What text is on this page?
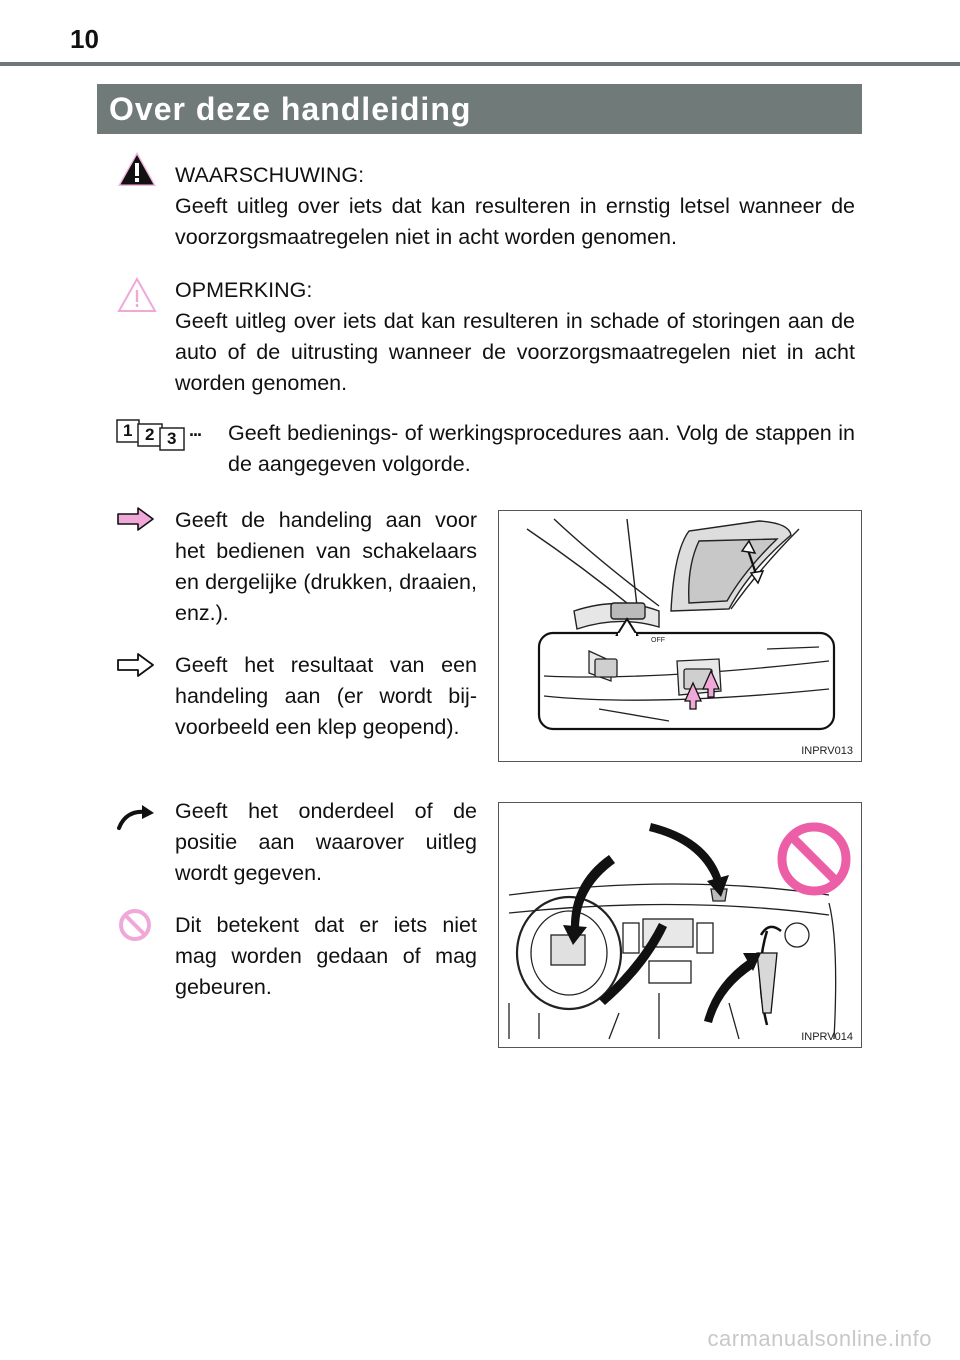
10
Over deze handleiding
WAARSCHUWING:
Geeft uitleg over iets dat kan resulteren in ernstig letsel wanneer de voorzorgsmaatregelen niet in acht worden genomen.
OPMERKING:
Geeft uitleg over iets dat kan resulteren in schade of storingen aan de auto of de uitrusting wanneer de voorzorgsmaatregelen niet in acht worden genomen.
1 2 3 ... Geeft bedienings- of werkingsprocedures aan. Volg de stappen in de aangegeven volgorde.
Geeft de handeling aan voor het bedienen van schakelaars en dergelijke (drukken, draaien, enz.).
Geeft het resultaat van een handeling aan (er wordt bijvoorbeeld een klep geopend).
Geeft het onderdeel of de positie aan waarover uitleg wordt gegeven.
Dit betekent dat er iets niet mag worden gedaan of mag gebeuren.
OFF
INPRV013
INPRV014
carmanualsonline.info
